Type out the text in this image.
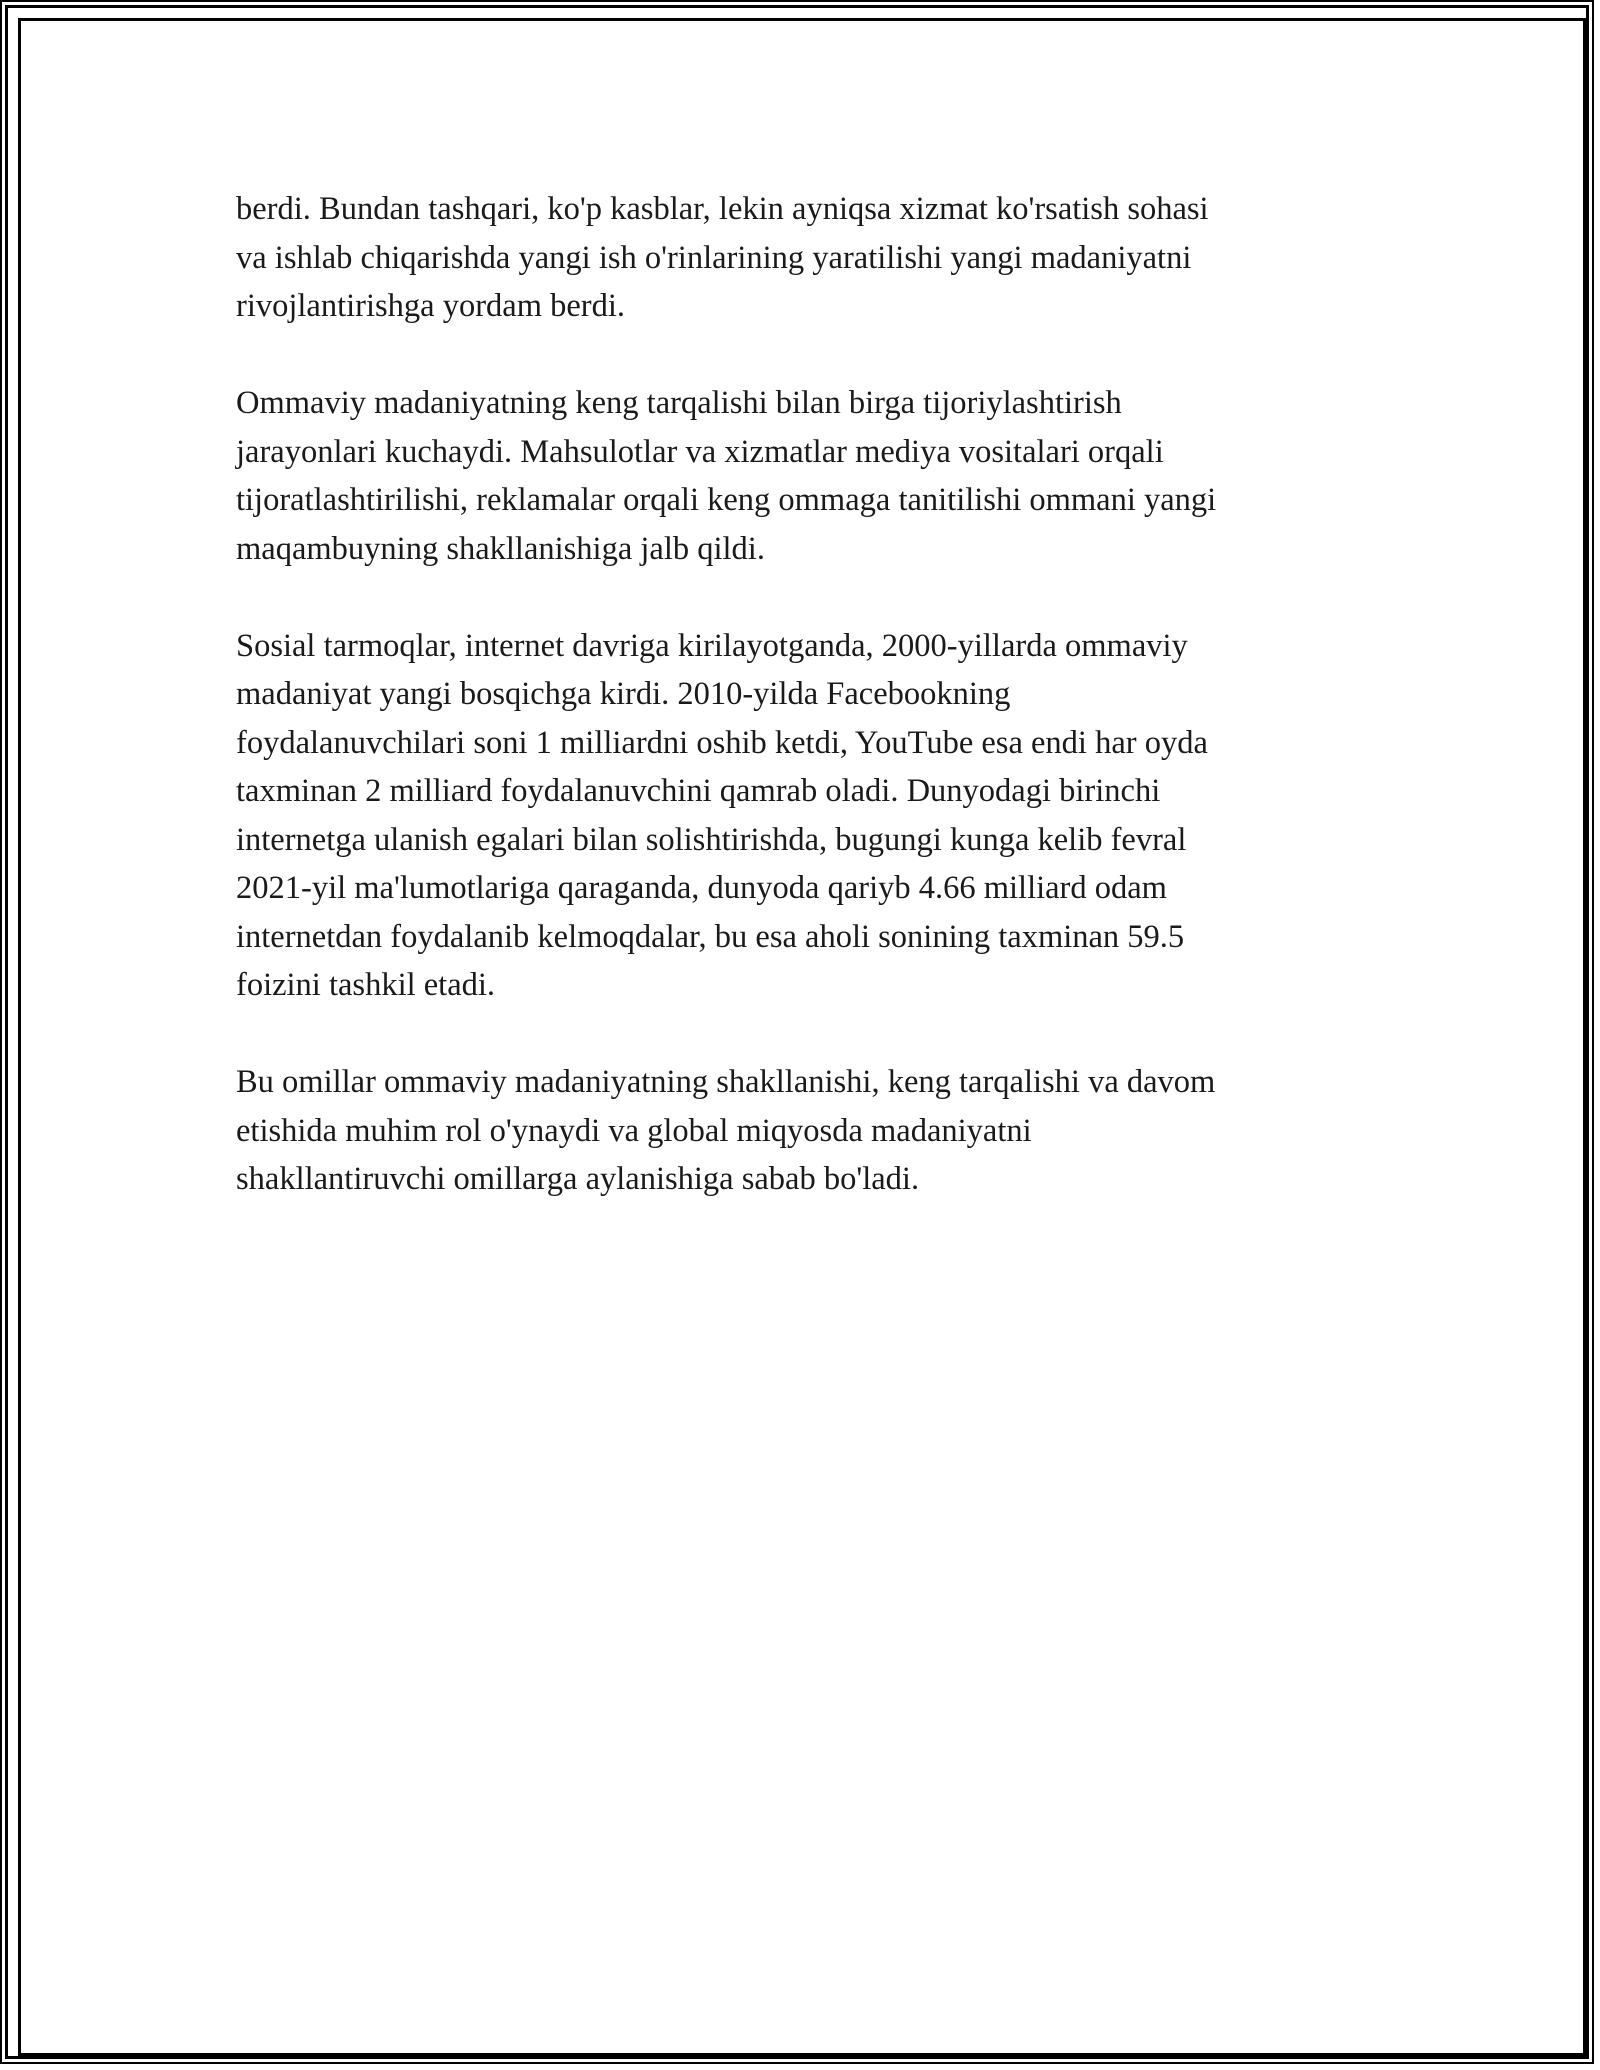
berdi. Bundan tashqari, ko'p kasblar, lekin ayniqsa xizmat ko'rsatish sohasi
va ishlab chiqarishda yangi ish o'rinlarining yaratilishi yangi madaniyatni
rivojlantirishga yordam berdi.

Ommaviy madaniyatning keng tarqalishi bilan birga tijoriylashtirish
jarayonlari kuchaydi. Mahsulotlar va xizmatlar mediya vositalari orqali
tijoratlashtirilishi, reklamalar orqali keng ommaga tanitilishi ommani yangi
maqambuyning shakllanishiga jalb qildi.

Sosial tarmoqlar, internet davriga kirilayotganda, 2000-yillarda ommaviy
madaniyat yangi bosqichga kirdi. 2010-yilda Facebookning
foydalanuvchilari soni 1 milliardni oshib ketdi, YouTube esa endi har oyda
taxminan 2 milliard foydalanuvchini qamrab oladi. Dunyodagi birinchi
internetga ulanish egalari bilan solishtirishda, bugungi kunga kelib fevral
2021-yil ma'lumotlariga qaraganda, dunyoda qariyb 4.66 milliard odam
internetdan foydalanib kelmoqdalar, bu esa aholi sonining taxminan 59.5
foizini tashkil etadi.

Bu omillar ommaviy madaniyatning shakllanishi, keng tarqalishi va davom
etishida muhim rol o'ynaydi va global miqyosda madaniyatni
shakllantiruvchi omillarga aylanishiga sabab bo'ladi.
